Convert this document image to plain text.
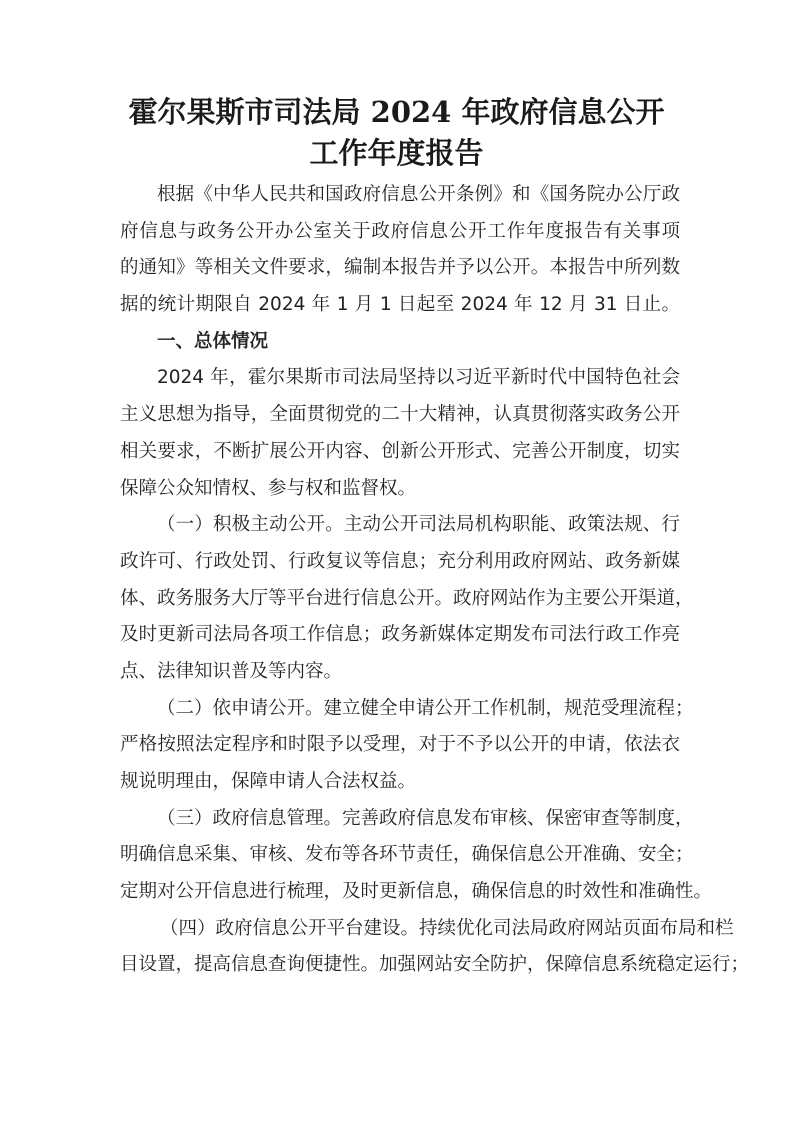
霍尔果斯市司法局 2024 年政府信息公开
工作年度报告

根据《中华人民共和国政府信息公开条例》和《国务院办公厅政
府信息与政务公开办公室关于政府信息公开工作年度报告有关事项
的通知》等相关文件要求，编制本报告并予以公开。本报告中所列数
据的统计期限自 2024 年 1 月 1 日起至 2024 年 12 月 31 日止。

一、总体情况

2024 年，霍尔果斯市司法局坚持以习近平新时代中国特色社会
主义思想为指导，全面贯彻党的二十大精神，认真贯彻落实政务公开
相关要求，不断扩展公开内容、创新公开形式、完善公开制度，切实
保障公众知情权、参与权和监督权。

（一）积极主动公开。主动公开司法局机构职能、政策法规、行
政许可、行政处罚、行政复议等信息；充分利用政府网站、政务新媒
体、政务服务大厅等平台进行信息公开。政府网站作为主要公开渠道，
及时更新司法局各项工作信息；政务新媒体定期发布司法行政工作亮
点、法律知识普及等内容。

（二）依申请公开。建立健全申请公开工作机制，规范受理流程；
严格按照法定程序和时限予以受理，对于不予以公开的申请，依法衣
规说明理由，保障申请人合法权益。

（三）政府信息管理。完善政府信息发布审核、保密审查等制度，
明确信息采集、审核、发布等各环节责任，确保信息公开准确、安全；
定期对公开信息进行梳理，及时更新信息，确保信息的时效性和准确性。

（四）政府信息公开平台建设。持续优化司法局政府网站页面布局和栏
目设置，提高信息查询便捷性。加强网站安全防护，保障信息系统稳定运行；
